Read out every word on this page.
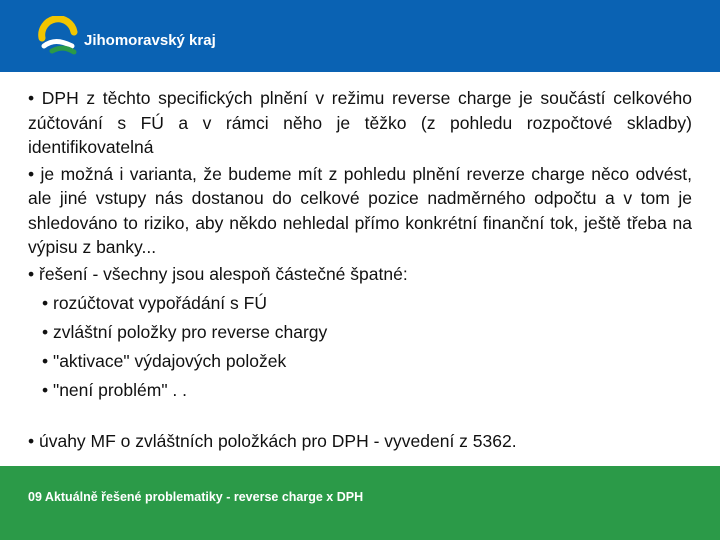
Jihomoravský kraj
• DPH z těchto specifických plnění v režimu reverse charge je součástí celkového zúčtování s FÚ a v rámci něho je těžko (z pohledu rozpočtové skladby) identifikovatelná
• je možná i varianta, že budeme mít z pohledu plnění reverze charge něco odvést, ale jiné vstupy nás dostanou do celkové pozice nadměrného odpočtu a v tom je shledováno to riziko, aby někdo nehledal přímo konkrétní finanční tok, ještě třeba na výpisu z banky...
• řešení - všechny jsou alespoň částečné špatné:
• rozúčtovat vypořádání s FÚ
• zvláštní položky pro reverse chargy
• "aktivace" výdajových položek
• "není problém" . .
• úvahy MF o zvláštních položkách pro DPH - vyvedení z 5362.
09 Aktuálně řešené problematiky - reverse charge x DPH
